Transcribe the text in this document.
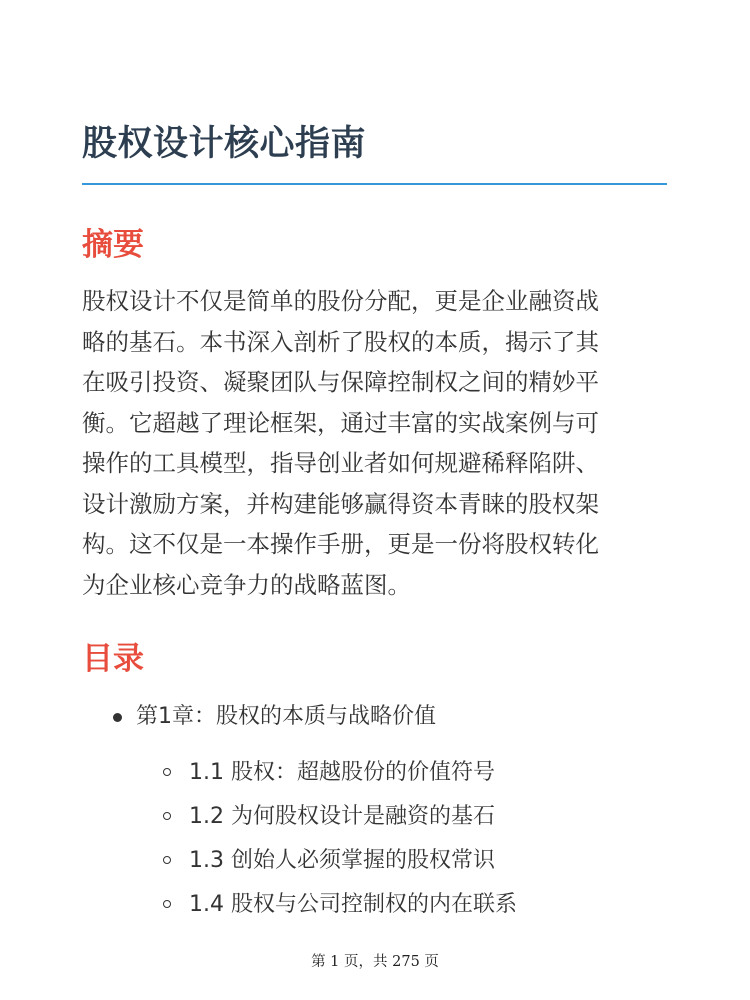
股权设计核心指南
摘要

股权设计不仅是简单的股份分配，更是企业融资战
略的基石。本书深入剖析了股权的本质，揭示了其
在吸引投资、凝聚团队与保障控制权之间的精妙平
衡。它超越了理论框架，通过丰富的实战案例与可
操作的工具模型，指导创业者如何规避稀释陷阱、
设计激励方案，并构建能够赢得资本青睐的股权架
构。这不仅是一本操作手册，更是一份将股权转化
为企业核心竞争力的战略蓝图。

目录
第1章：股权的本质与战略价值
1.1 股权：超越股份的价值符号
1.2 为何股权设计是融资的基石
1.3 创始人必须掌握的股权常识
1.4 股权与公司控制权的内在联系
第 1 页，共 275 页
